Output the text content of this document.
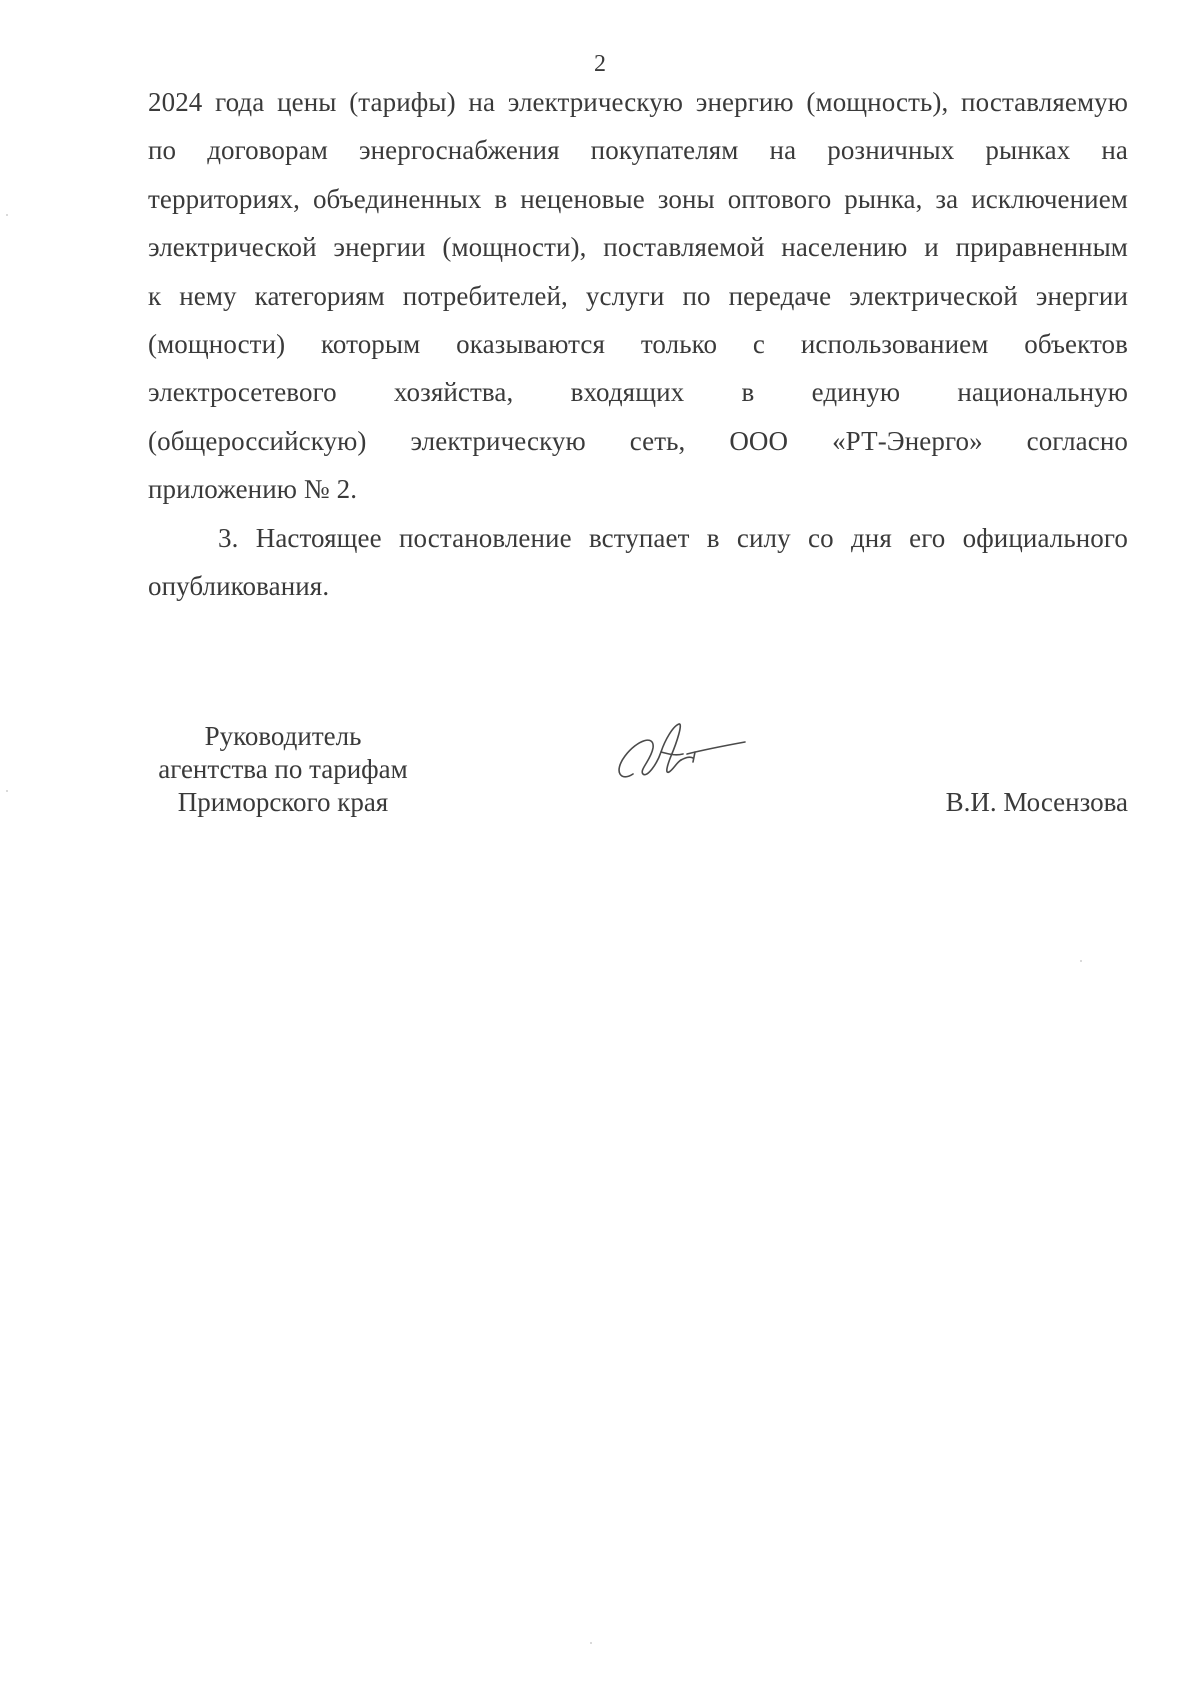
2

2024 года цены (тарифы) на электрическую энергию (мощность), поставляемую
по договорам энергоснабжения покупателям на розничных рынках на
территориях, объединенных в неценовые зоны оптового рынка, за исключением
электрической энергии (мощности), поставляемой населению и приравненным
к нему категориям потребителей, услуги по передаче электрической энергии
(мощности) которым оказываются только с использованием объектов
электросетевого хозяйства, входящих в единую национальную
(общероссийскую) электрическую сеть, ООО «РТ-Энерго» согласно
приложению № 2.

3. Настоящее постановление вступает в силу со дня его официального
опубликования.

Руководитель
агентства по тарифам
Приморского края	В.И. Мосензова
